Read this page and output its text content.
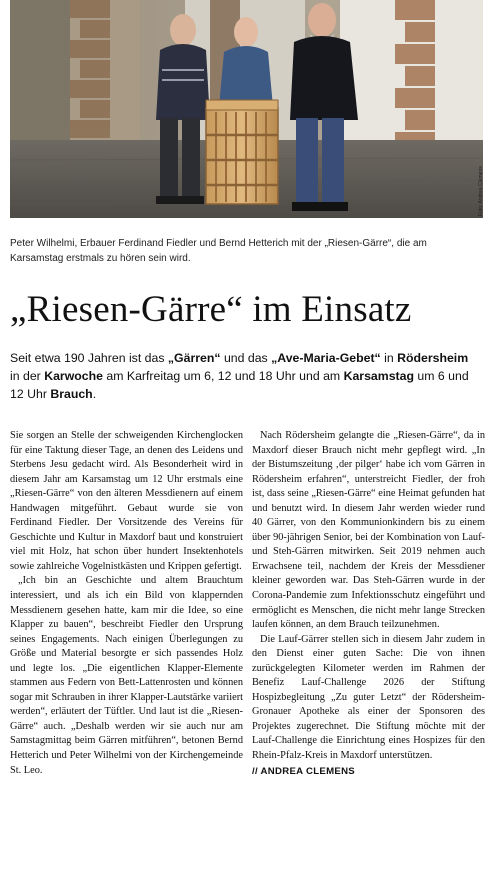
Foto: Andrea Clemens
Peter Wilhelmi, Erbauer Ferdinand Fiedler und Bernd Hetterich mit der „Riesen-Gärre“, die am Karsamstag erstmals zu hören sein wird.
„Riesen-Gärre“ im Einsatz

Seit etwa 190 Jahren ist das „Gärren“ und das „Ave-Maria-Gebet“ in Rödersheim in der Karwoche am Karfreitag um 6, 12 und 18 Uhr und am Karsamstag um 6 und 12 Uhr Brauch.

Sie sorgen an Stelle der schweigenden Kirchenglocken für eine Taktung dieser Tage, an denen des Leidens und Sterbens Jesu gedacht wird. Als Besonderheit wird in diesem Jahr am Karsamstag um 12 Uhr erstmals eine „Riesen-Gärre“ von den älteren Messdienern auf einem Handwagen mitgeführt. Gebaut wurde sie von Ferdinand Fiedler. Der Vorsitzende des Vereins für Geschichte und Kultur in Maxdorf baut und konstruiert viel mit Holz, hat schon über hundert Insektenhotels sowie zahlreiche Vogelnistkästen und Krippen gefertigt.

„Ich bin an Geschichte und altem Brauchtum interessiert, und als ich ein Bild von klappernden Messdienern gesehen hatte, kam mir die Idee, so eine Klapper zu bauen“, beschreibt Fiedler den Ursprung seines Engagements. Nach einigen Überlegungen zu Größe und Material besorgte er sich passendes Holz und legte los. „Die eigentlichen Klapper-Elemente stammen aus Federn von Bett-Lattenrosten und können sogar mit Schrauben in ihrer Klapper-Lautstärke variiert werden“, erläutert der Tüftler. Und laut ist die „Riesen-Gärre“ auch. „Deshalb werden wir sie auch nur am Samstagmittag beim Gärren mitführen“, betonen Bernd Hetterich und Peter Wilhelmi von der Kirchengemeinde St. Leo.

Nach Rödersheim gelangte die „Riesen-Gärre“, da in Maxdorf dieser Brauch nicht mehr gepflegt wird. „In der Bistumszeitung ‚der pilger‘ habe ich vom Gärren in Rödersheim erfahren“, unterstreicht Fiedler, der froh ist, dass seine „Riesen-Gärre“ eine Heimat gefunden hat und benutzt wird. In diesem Jahr werden wieder rund 40 Gärrer, von den Kommunionkindern bis zu einem über 90-jährigen Senior, bei der Kombination von Lauf- und Steh-Gärren mitwirken. Seit 2019 nehmen auch Erwachsene teil, nachdem der Kreis der Messdiener kleiner geworden war. Das Steh-Gärren wurde in der Corona-Pandemie zum Infektionsschutz eingeführt und ermöglicht es Menschen, die nicht mehr lange Strecken laufen können, an dem Brauch teilzunehmen.

Die Lauf-Gärrer stellen sich in diesem Jahr zudem in den Dienst einer guten Sache: Die von ihnen zurückgelegten Kilometer werden im Rahmen der Benefiz Lauf-Challenge 2026 der Stiftung Hospizbegleitung „Zu guter Letzt“ der Rödersheim-Gronauer Apotheke als einer der Sponsoren des Projektes zugerechnet. Die Stiftung möchte mit der Lauf-Challenge die Einrichtung eines Hospizes für den Rhein-Pfalz-Kreis in Maxdorf unterstützen.

// ANDREA CLEMENS
